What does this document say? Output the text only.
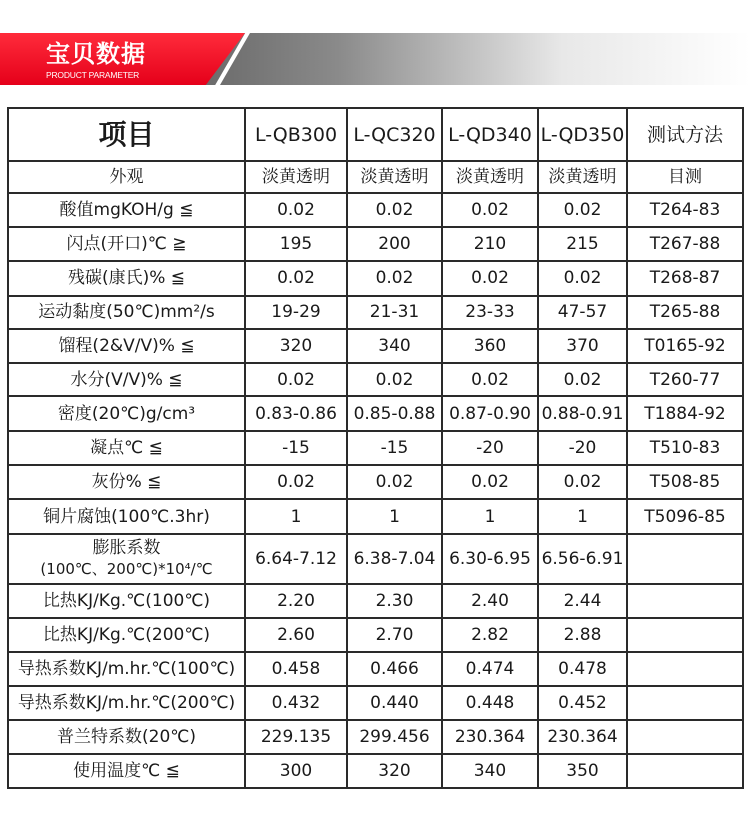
宝贝数据
PRODUCT PARAMETER
项目	L-QB300	L-QC320	L-QD340	L-QD350	测试方法
外观	淡黄透明	淡黄透明	淡黄透明	淡黄透明	目测
酸值mgKOH/g ≦	0.02	0.02	0.02	0.02	T264-83
闪点(开口)℃ ≧	195	200	210	215	T267-88
残碳(康氏)% ≦	0.02	0.02	0.02	0.02	T268-87
运动黏度(50℃)mm²/s	19-29	21-31	23-33	47-57	T265-88
馏程(2&V/V)% ≦	320	340	360	370	T0165-92
水分(V/V)% ≦	0.02	0.02	0.02	0.02	T260-77
密度(20℃)g/cm³	0.83-0.86	0.85-0.88	0.87-0.90	0.88-0.91	T1884-92
凝点℃ ≦	-15	-15	-20	-20	T510-83
灰份% ≦	0.02	0.02	0.02	0.02	T508-85
铜片腐蚀(100℃.3hr)	1	1	1	1	T5096-85
膨胀系数
(100℃、200℃)*10⁴/℃	6.64-7.12	6.38-7.04	6.30-6.95	6.56-6.91	
比热KJ/Kg.℃(100℃)	2.20	2.30	2.40	2.44	
比热KJ/Kg.℃(200℃)	2.60	2.70	2.82	2.88	
导热系数KJ/m.hr.℃(100℃)	0.458	0.466	0.474	0.478	
导热系数KJ/m.hr.℃(200℃)	0.432	0.440	0.448	0.452	
普兰特系数(20℃)	229.135	299.456	230.364	230.364	
使用温度℃ ≦	300	320	340	350	
